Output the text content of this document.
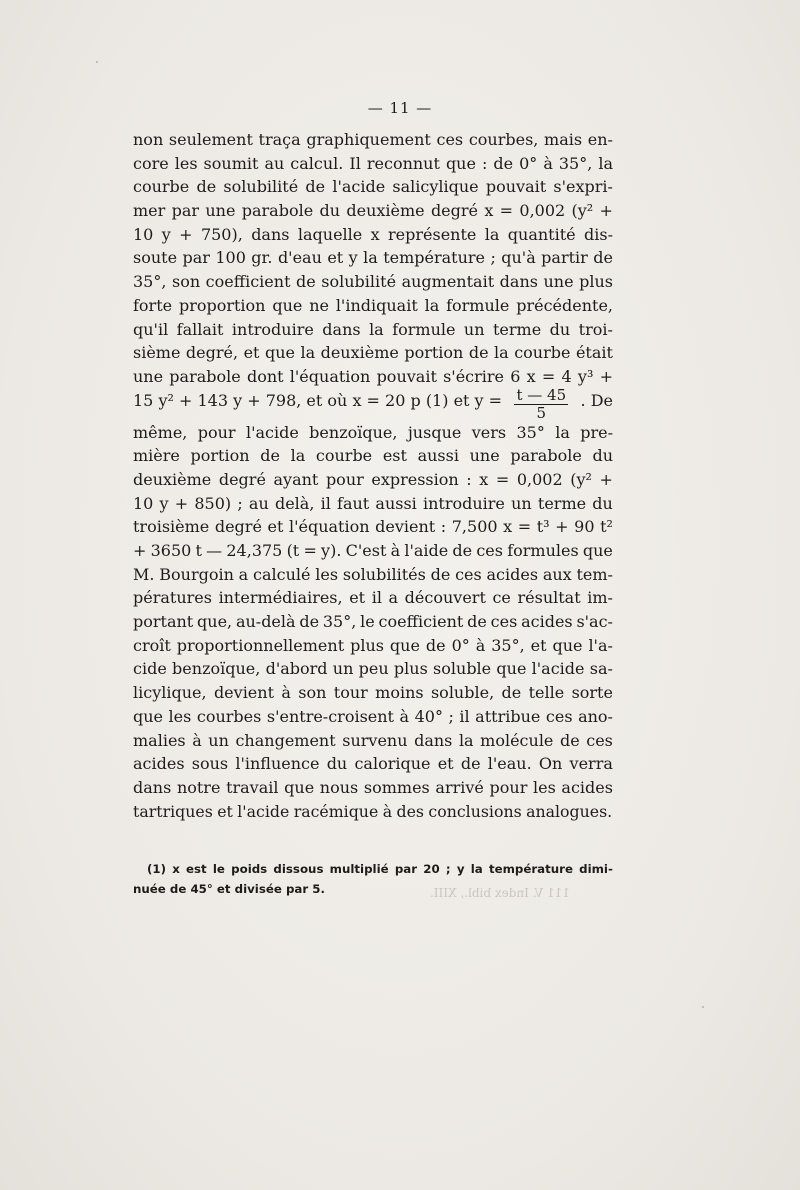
— 11 —
non seulement traça graphiquement ces courbes, mais en-
core les soumit au calcul. Il reconnut que : de 0° à 35°, la
courbe de solubilité de l'acide salicylique pouvait s'expri-
mer par une parabole du deuxième degré x = 0,002 (y² +
10 y + 750), dans laquelle x représente la quantité dis-
soute par 100 gr. d'eau et y la température ; qu'à partir de
35°, son coefficient de solubilité augmentait dans une plus
forte proportion que ne l'indiquait la formule précédente,
qu'il fallait introduire dans la formule un terme du troi-
sième degré, et que la deuxième portion de la courbe était
une parabole dont l'équation pouvait s'écrire 6 x = 4 y³ +
15 y² + 143 y + 798, et où x = 20 p (1) et $y = \frac{t — 45}{5}$ . De
même, pour l'acide benzoïque, jusque vers 35° la pre-
mière portion de la courbe est aussi une parabole du
deuxième degré ayant pour expression : x = 0,002 (y² +
10 y + 850) ; au delà, il faut aussi introduire un terme du
troisième degré et l'équation devient : 7,500 x = t³ + 90 t²
+ 3650 t — 24,375 (t = y). C'est à l'aide de ces formules que
M. Bourgoin a calculé les solubilités de ces acides aux tem-
pératures intermédiaires, et il a découvert ce résultat im-
portant que, au-delà de 35°, le coefficient de ces acides s'ac-
croît proportionnellement plus que de 0° à 35°, et que l'a-
cide benzoïque, d'abord un peu plus soluble que l'acide sa-
licylique, devient à son tour moins soluble, de telle sorte
que les courbes s'entre-croisent à 40° ; il attribue ces ano-
malies à un changement survenu dans la molécule de ces
acides sous l'influence du calorique et de l'eau. On verra
dans notre travail que nous sommes arrivé pour les acides
tartriques et l'acide racémique à des conclusions analogues.
(1) x est le poids dissous multiplié par 20 ; y la température dimi-
nuée de 45° et divisée par 5.	111 V. Index bibl., XIII.
